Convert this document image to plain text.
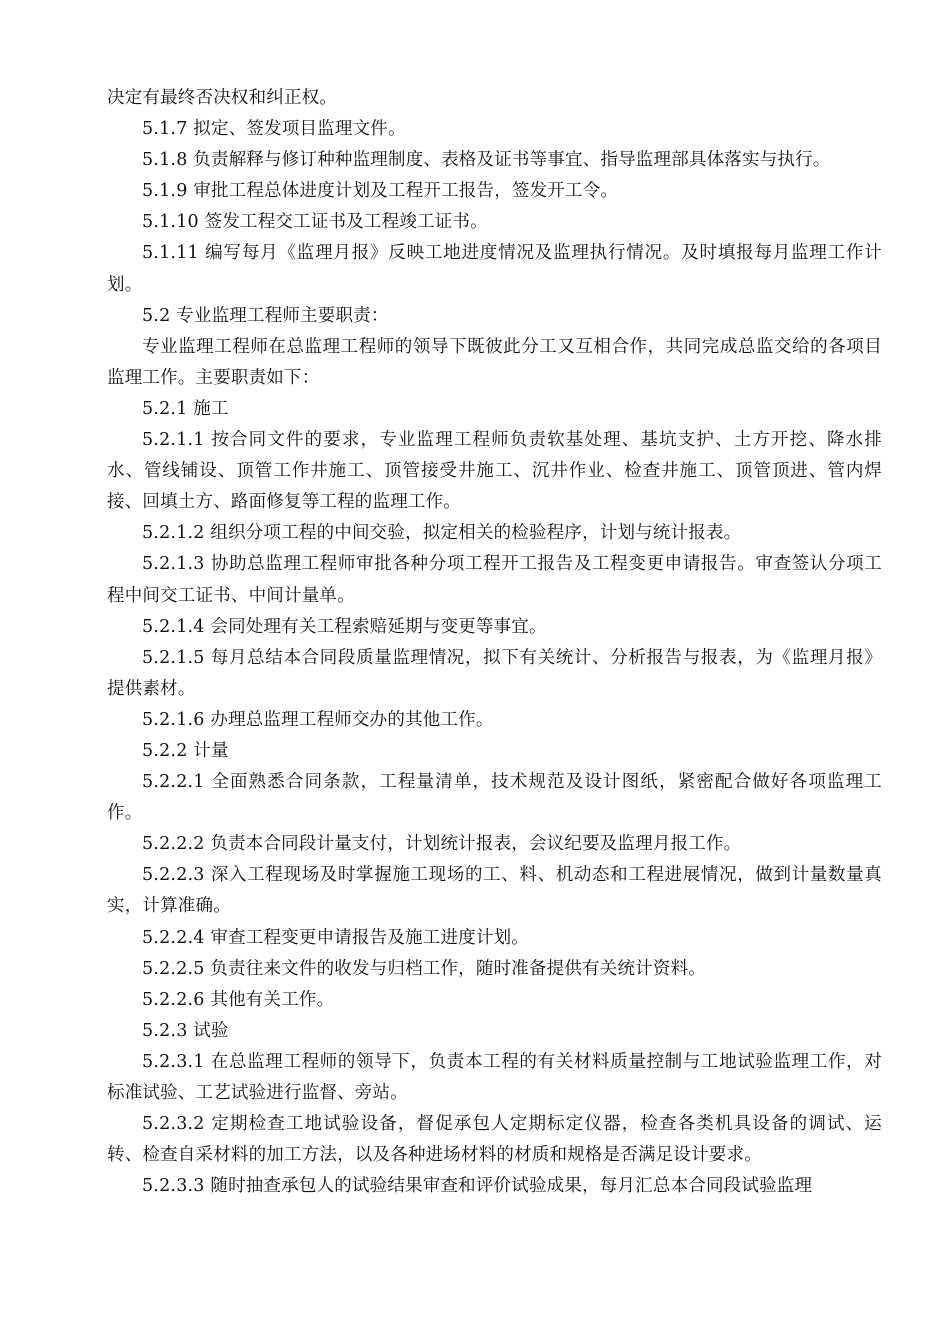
决定有最终否决权和纠正权。

5.1.7 拟定、签发项目监理文件。

5.1.8 负责解释与修订种种监理制度、表格及证书等事宜、指导监理部具体落实与执行。

5.1.9 审批工程总体进度计划及工程开工报告，签发开工令。

5.1.10 签发工程交工证书及工程竣工证书。

5.1.11 编写每月《监理月报》反映工地进度情况及监理执行情况。及时填报每月监理工作计划。

5.2 专业监理工程师主要职责：

专业监理工程师在总监理工程师的领导下既彼此分工又互相合作，共同完成总监交给的各项目监理工作。主要职责如下：

5.2.1 施工

5.2.1.1 按合同文件的要求，专业监理工程师负责软基处理、基坑支护、土方开挖、降水排水、管线铺设、顶管工作井施工、顶管接受井施工、沉井作业、检查井施工、顶管顶进、管内焊接、回填土方、路面修复等工程的监理工作。

5.2.1.2 组织分项工程的中间交验，拟定相关的检验程序，计划与统计报表。

5.2.1.3 协助总监理工程师审批各种分项工程开工报告及工程变更申请报告。审查签认分项工程中间交工证书、中间计量单。

5.2.1.4 会同处理有关工程索赔延期与变更等事宜。

5.2.1.5 每月总结本合同段质量监理情况，拟下有关统计、分析报告与报表，为《监理月报》提供素材。

5.2.1.6 办理总监理工程师交办的其他工作。

5.2.2 计量

5.2.2.1 全面熟悉合同条款，工程量清单，技术规范及设计图纸，紧密配合做好各项监理工作。

5.2.2.2 负责本合同段计量支付，计划统计报表，会议纪要及监理月报工作。

5.2.2.3 深入工程现场及时掌握施工现场的工、料、机动态和工程进展情况，做到计量数量真实，计算准确。

5.2.2.4 审查工程变更申请报告及施工进度计划。

5.2.2.5 负责往来文件的收发与归档工作，随时准备提供有关统计资料。

5.2.2.6 其他有关工作。

5.2.3 试验

5.2.3.1 在总监理工程师的领导下，负责本工程的有关材料质量控制与工地试验监理工作，对标准试验、工艺试验进行监督、旁站。

5.2.3.2 定期检查工地试验设备，督促承包人定期标定仪器，检查各类机具设备的调试、运转、检查自采材料的加工方法，以及各种进场材料的材质和规格是否满足设计要求。

5.2.3.3 随时抽查承包人的试验结果审查和评价试验成果，每月汇总本合同段试验监理
